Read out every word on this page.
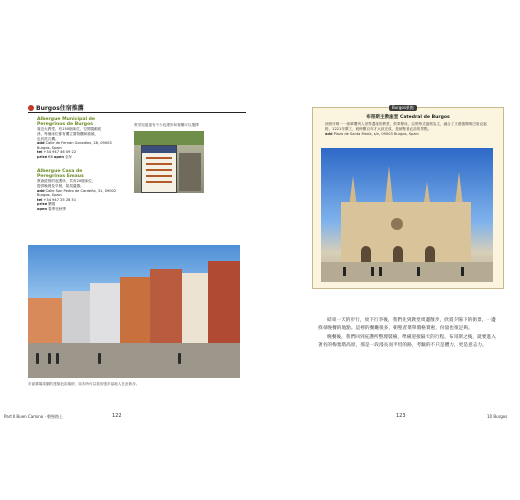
Burgos住宿推薦
Albergue Municipal de
Peregrinos de Burgos
靠近大教堂，有150個床位，空間寬敞乾
淨。每個床位都有獨立置物櫃和插頭，
也有洗衣機。
addCalle de Fernán González, 28, 09003
Burgos, Spain
tel+34 947 46 09 22
price€6 open全年
Albergue Casa de
Peregrinos Emaus
教會經營的庇護所，共有20個床位，
提供晚餐及早餐，氣氛溫馨。
addCalle San Pedro de Cardeña, 31, 09002
Burgos, Spain
tel+34 947 25 28 51
price樂捐
open春季至秋季
教堂周邊還有不少庇護所和餐廳可以選擇
市區廣場周圍的建築色彩繽紛，周末時可以看到很多當地人在此散步。
Part Ⅱ Buen Camino · 朝聖路上	122
Burgos景點
布哥斯主教座堂 Catedral de Burgos
西班牙唯一一座單獨列入世界遺產的教堂，供奉聖母。以哥特式風格為主，融合了文藝復興與巴洛克風格，1221年開工，耗時數百年才大致完成，是朝聖者必訪的景點。
add Plaza de Santa María, s/n, 09003 Burgos, Spain

結束一天的步行，放下行李後，我們先到教堂周邊散步，欣賞夕陽下的街景，一邊找尋晚餐的地點。這裡的餐廳很多，朝聖者菜單價格實惠，份量也很足夠。

晚餐後，我們回到庇護所整理裝備，準備迎接隔天的行程。布哥斯之後，就要進入著名的梅塞塔高原，那是一段漫長而平坦的路，考驗的不只是體力，更是意志力。

123	10 Burgos
